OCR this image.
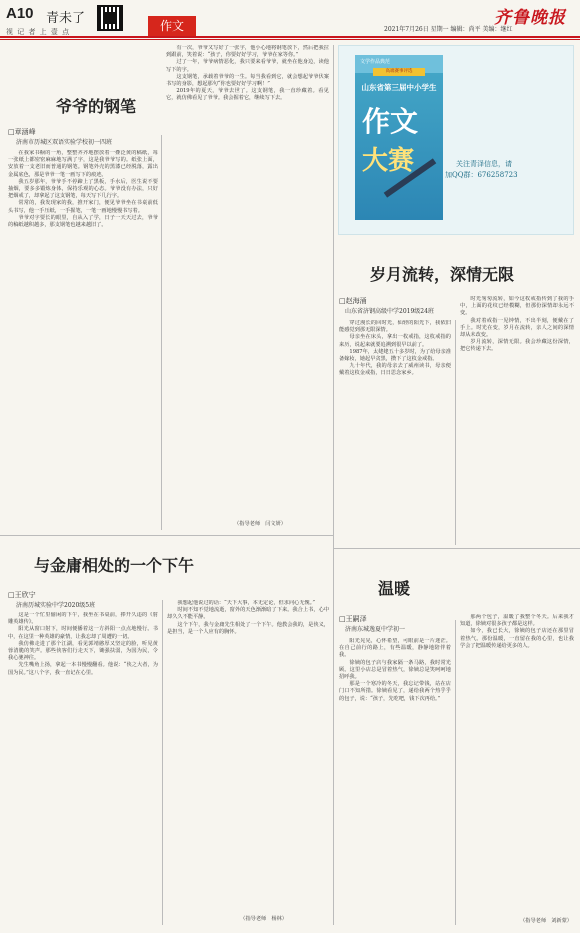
A10 青未了
视 记 者 上 壹 点	作文	齐鲁晚报
2021年7月26日 星期一 编辑：尚平 美编：继红
爷爷的钢笔
□章涵峰
济南市历城区双语实验学校初一四班

在我家书橱的一角，整整齐齐地摆放着一叠泛黄的稿纸，每一张纸上都密密麻麻地写满了字，这是我爷爷写的。纸张上面，安放着一支老旧而普通的钢笔。钢笔外壳的黑漆已经脱落，露出金属底色，那是爷爷一笔一画写下的痕迹。

我五岁那年，爷爷手不停蹄上了黑板，手水后，医生说不要抽烟，要多多锻炼身体，保持乐观的心态。爷爷没有办法，只好把烟戒了，却拿起了这支钢笔，每天写下几行字。

常常的，我发现家的我，推开家门，便见爷爷坐在书桌前低头书写，他一手压纸，一手握笔，一笔一画地慢慢书写着。

爷爷对字要长的眼里，自从入了学，日子一天天过去，爷爷的稿纸越积越多，那支钢笔也越来越旧了。

有一次，爷爷又写好了一张字，他小心地将钢笔放下，然后把我拉到跟前，笑着说：“孩子，你要好好学习，爷爷在家等你。”

过了一年，爷爷病情恶化，我只要来看爷爷，就坐在他身边，读他写下的字。

这支钢笔，承载着爷爷的一生。每当我看到它，就会想起爷爷伏案书写的身影，想起那句“你也要好好学习啊！”

2019年的夏天，爷爷去世了。这支钢笔，我一直珍藏着。看见它，就仿佛看见了爷爷。我会握着它，继续写下去。

（指导老师　闫文妍）
与金庸相处的一个下午
□王欣宁
济南历城实验中学2020级5班

这是一个忙里偷闲的下午，我坐在书桌前，捧开久违的《射雕英雄传》。

阳光从窗口射下，时间便播着这一方斜阳一点点地慢行。书中，在这里一种英雄的豪情，让我忘却了周遭的一切。

我仿佛走进了那个江湖，看见郭靖憨厚又坚定的脸，听见黄蓉清脆的笑声。那些侠客们行走天下，锄强扶弱，为国为民，令我心驰神往。

先生嘴角上扬，拿起一本书慢慢翻看。他说：“侠之大者，为国为民。”这八个字，我一直记在心里。

我想起他说过的话：“天下大事，本无定论，但求问心无愧。”

时间不知不觉地流逝，窗外的天色渐渐暗了下来。我合上书，心中却久久不能平静。

这个下午，我与金庸先生相处了一个下午。他教会我的，是侠义，是担当，是一个人应有的胸怀。

（指导老师　杨林）
文学作品典范
高端赛事评选
山东省第三届中小学生
作文
大赛	关注青泽信息，请
加QQ群：676258723
岁月流转，深情无限
□赵海涌
山东省济钢高级中学2019级24班

穿过漫长的回时光，仙轻的阳光下，我依旧能感觉到那无限深情。

母亲坐在床头，拿出一枚戒指，这枚戒指的来历，说起来就要追溯到很早以前了。

1987年，太姥姥五十多岁时，为了给母亲准备嫁妆，她起早贪黑，攒下了这枚金戒指。

九十年代，我的母亲去了威州读书，母亲便戴着这枚金戒指，日日思念家乡。

时光匆匆流转，如今这枚戒指传到了我的手中，上面的花纹已经模糊，但那份深情却永远不变。

我对着戒指一见钟情，不出半刻，便戴在了手上。时光在变，岁月在流转，亲人之间的深情却从未改变。

岁月流转，深情无限。我会珍藏这份深情，把它传递下去。

温暖
□王嗣泽
济南东城逸夏中学初一

阳光晃晃，心怀希望，可眼前是一片迷茫。在自己前行的路上，有些温暖，静静地陪伴着我。

徐姨的包子店与我家隔一条马路，我时常光顾。这里小店总是冒着热气，徐姨总是笑呵呵地招呼我。

那是一个寒冷的冬天，我忘记带钱，站在店门口不知所措。徐姨看见了，递给我两个热乎乎的包子，说：“孩子，先吃吧，钱下次再给。”

那两个包子，温暖了我整个冬天。后来我才知道，徐姨对很多孩子都是这样。

如今，我已长大，徐姨的包子店还在那里冒着热气。那份温暖，一直留在我的心里，也让我学会了把温暖传递给更多的人。

（指导老师　刘新蒙）
